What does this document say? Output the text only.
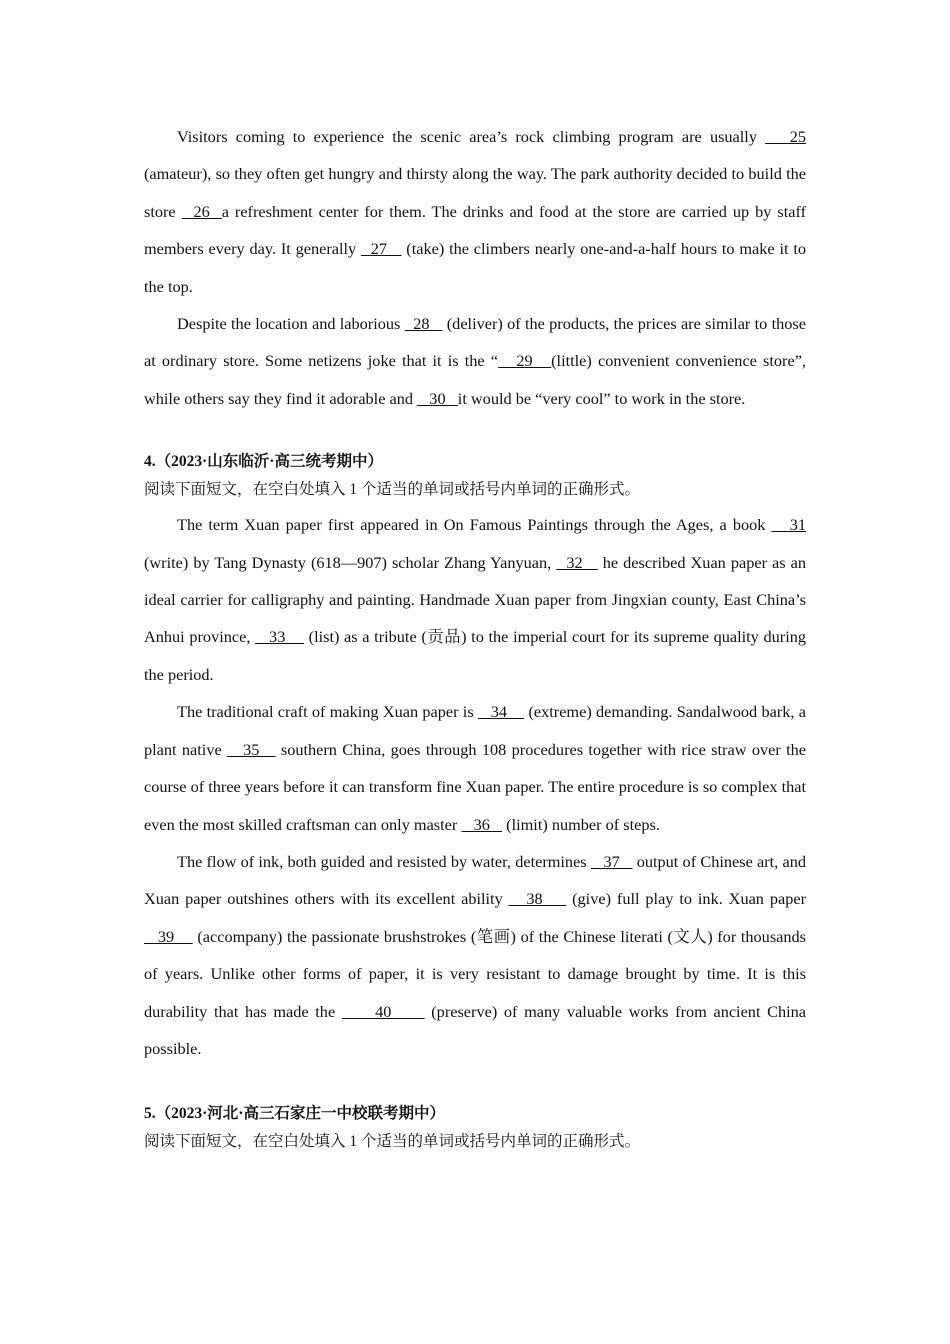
Visitors coming to experience the scenic area’s rock climbing program are usually    25 (amateur), so they often get hungry and thirsty along the way. The park authority decided to build the store   26  a refreshment center for them. The drinks and food at the store are carried up by staff members every day. It generally   27    (take) the climbers nearly one-and-a-half hours to make it to the top.

Despite the location and laborious   28    (deliver) of the products, the prices are similar to those at ordinary store. Some netizens joke that it is the “   29   (little) convenient convenience store”, while others say they find it adorable and    30   it would be “very cool” to work in the store.

4.（2023·山东临沂·高三统考期中）

阅读下面短文，在空白处填入 1 个适当的单词或括号内单词的正确形式。

The term Xuan paper first appeared in On Famous Paintings through the Ages, a book    31 (write) by Tang Dynasty (618—907) scholar Zhang Yanyuan,   32    he described Xuan paper as an ideal carrier for calligraphy and painting. Handmade Xuan paper from Jingxian county, East China’s Anhui province,    33     (list) as a tribute (贡品) to the imperial court for its supreme quality during the period.

The traditional craft of making Xuan paper is    34     (extreme) demanding. Sandalwood bark, a plant native    35    southern China, goes through 108 procedures together with rice straw over the course of three years before it can transform fine Xuan paper. The entire procedure is so complex that even the most skilled craftsman can only master    36    (limit) number of steps.

The flow of ink, both guided and resisted by water, determines    37    output of Chinese art, and Xuan paper outshines others with its excellent ability    38     (give) full play to ink. Xuan paper    39     (accompany) the passionate brushstrokes (笔画) of the Chinese literati (文人) for thousands of years. Unlike other forms of paper, it is very resistant to damage brought by time. It is this durability that has made the      40      (preserve) of many valuable works from ancient China possible.

5.（2023·河北·高三石家庄一中校联考期中）

阅读下面短文，在空白处填入 1 个适当的单词或括号内单词的正确形式。
